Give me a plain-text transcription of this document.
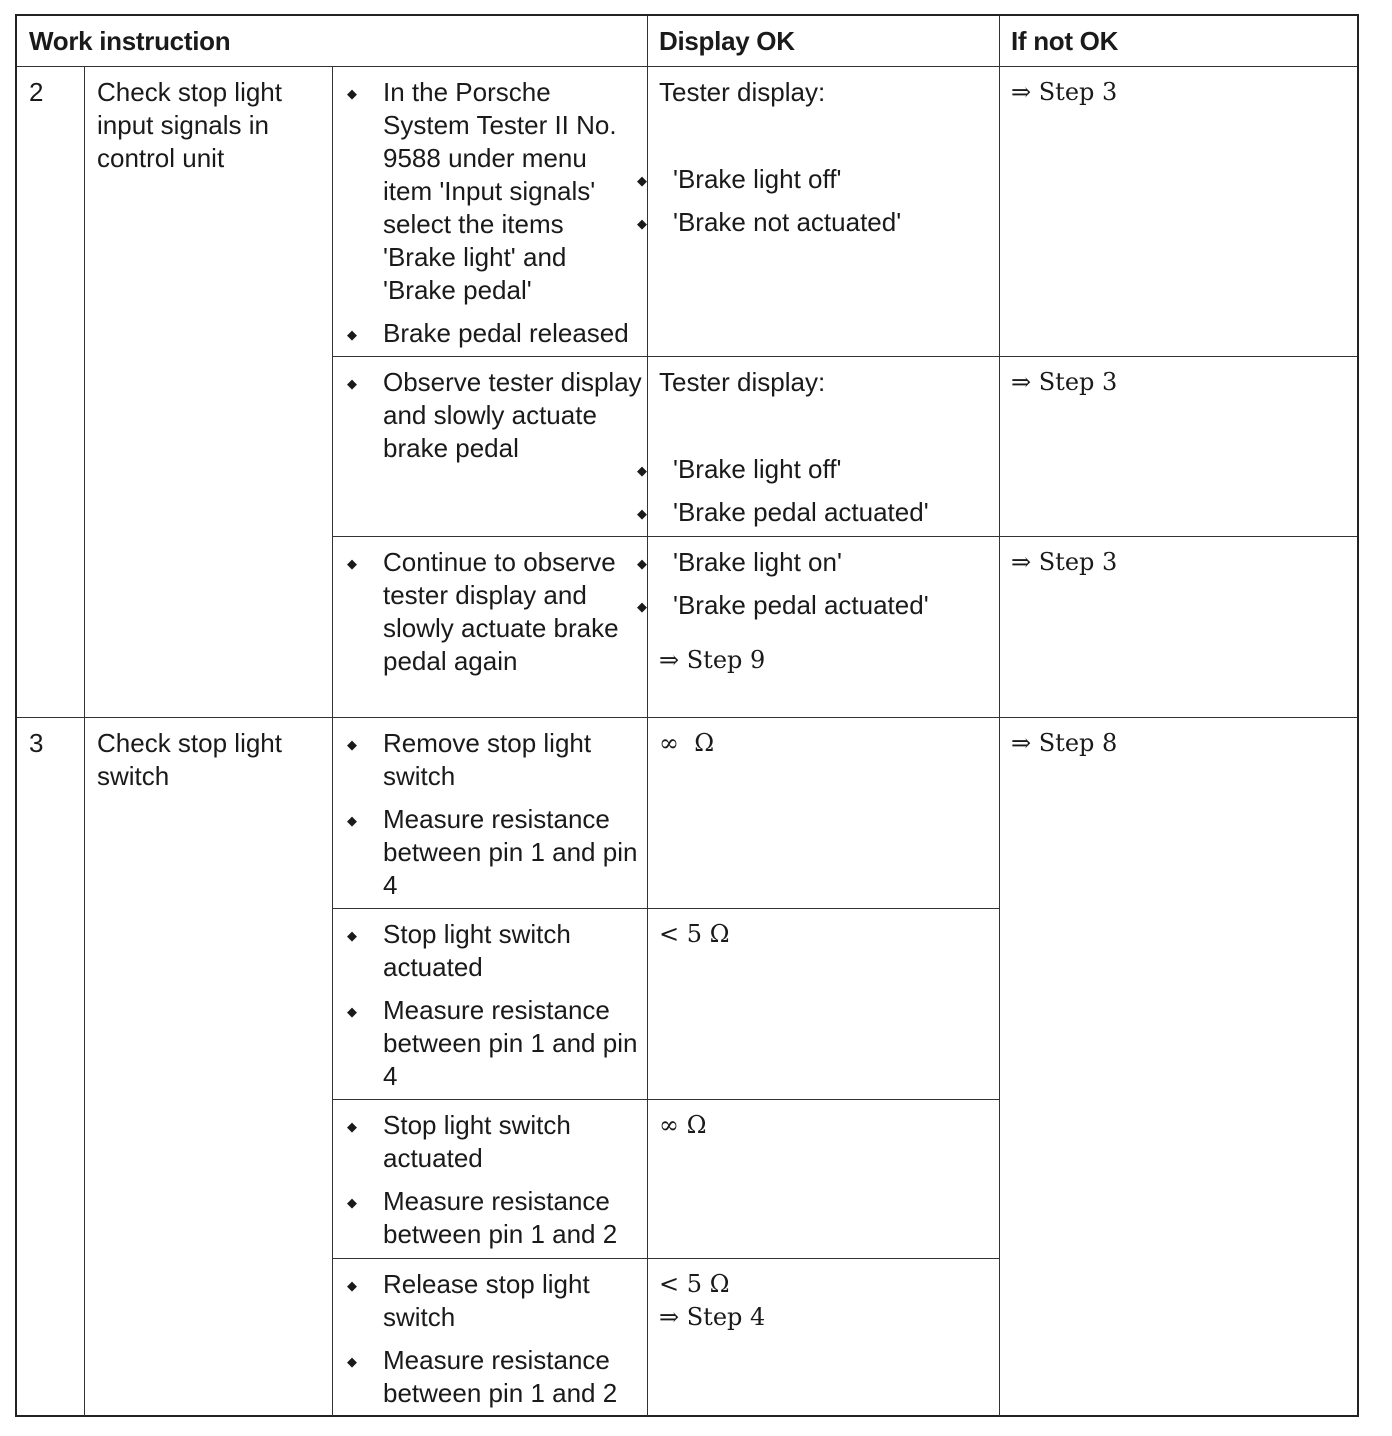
Work instruction	Display OK	If not OK
2 Check stop light input signals in control unit
◆ In the Porsche System Tester II No. 9588 under menu item 'Input signals' select the items 'Brake light' and 'Brake pedal'
◆ Brake pedal released
Tester display:
◆ 'Brake light off'
◆ 'Brake not actuated'
⇒ Step 3
◆ Observe tester display and slowly actuate brake pedal
Tester display:
◆ 'Brake light off'
◆ 'Brake pedal actuated'
⇒ Step 3
◆ Continue to observe tester display and slowly actuate brake pedal again
◆ 'Brake light on'
◆ 'Brake pedal actuated'
⇒ Step 9
⇒ Step 3
3 Check stop light switch
⇒ Step 8
◆ Remove stop light switch
◆ Measure resistance between pin 1 and pin 4
∞  Ω
◆ Stop light switch actuated
◆ Measure resistance between pin 1 and pin 4
< 5 Ω
◆ Stop light switch actuated
◆ Measure resistance between pin 1 and 2
∞ Ω
◆ Release stop light switch
◆ Measure resistance between pin 1 and 2
< 5 Ω
⇒ Step 4
